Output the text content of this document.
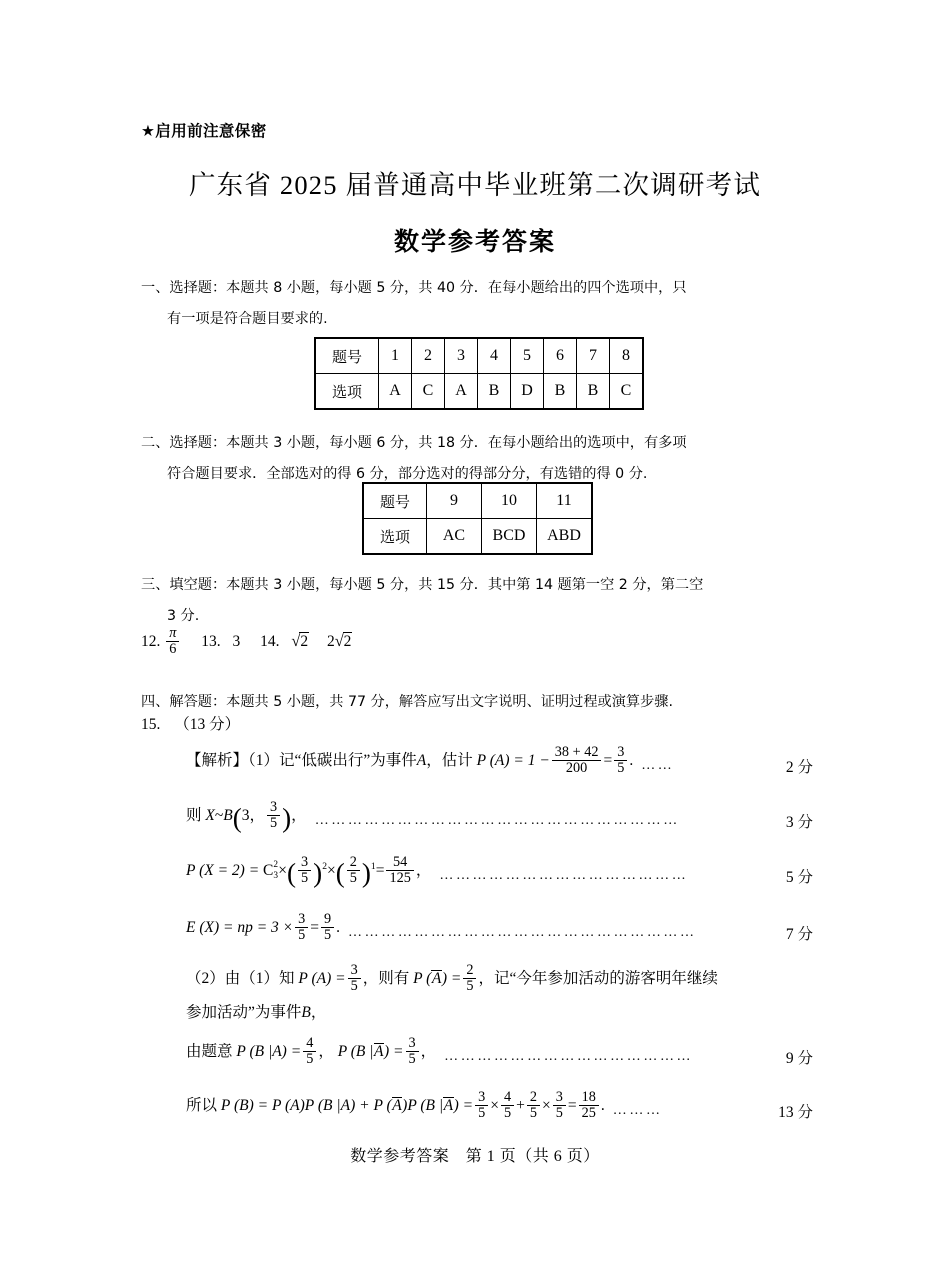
★启用前注意保密
广东省 2025 届普通高中毕业班第二次调研考试
数学参考答案
一、选择题：本题共 8 小题，每小题 5 分，共 40 分．在每小题给出的四个选项中，只
有一项是符合题目要求的.
题号	1	2	3	4	5	6	7	8
选项	A	C	A	B	D	B	B	C
二、选择题：本题共 3 小题，每小题 6 分，共 18 分．在每小题给出的选项中，有多项
符合题目要求．全部选对的得 6 分，部分选对的得部分分，有选错的得 0 分.
题号	9	10	11
选项	AC	BCD	ABD
三、填空题：本题共 3 小题，每小题 5 分，共 15 分．其中第 14 题第一空 2 分，第二空
3 分.
12. $\frac{\pi}{6} 13$. 3 14. √2 2√2
四、解答题：本题共 5 小题，共 77 分，解答应写出文字说明、证明过程或演算步骤.
15. （13 分）
【解析】（1）记“低碳出行”为事件A，估计 P $(A) = 1 - \frac{38 + 42}{200} = \frac{3}{5}$ . ……	2 分
则 X~B(3， $\frac{3}{5}$ )， …………………………………………………………	3 分
P (X = 2) = C 2
3 ×( $\frac{3}{5} )^2\times( \frac{2}{5} )^1= \frac{54}{125}$ ， ………………………………………	5 分
E (X) = np = $3 \times \frac{3}{5} = \frac{9}{5}$ . ………………………………………………………	7 分
（2）由（1）知 P $(A) = \frac{3}{5}$ ，则有 P $(A) = \frac{2}{5}$ ，记“今年参加活动的游客明年继续
参加活动”为事件B，
由题意 P (B $|A) = \frac{4}{5}$ ， P (B $|A) = \frac{3}{5}$ ， ………………………………………	9 分
所以 P (B) = P (A)P (B |A) + P (A)P (B $|A) = \frac{3}{5} \times \frac{4}{5} + \frac{2}{5} \times \frac{3}{5} = \frac{18}{25}$ . ………	13 分
数学参考答案　第 1 页（共 6 页）
